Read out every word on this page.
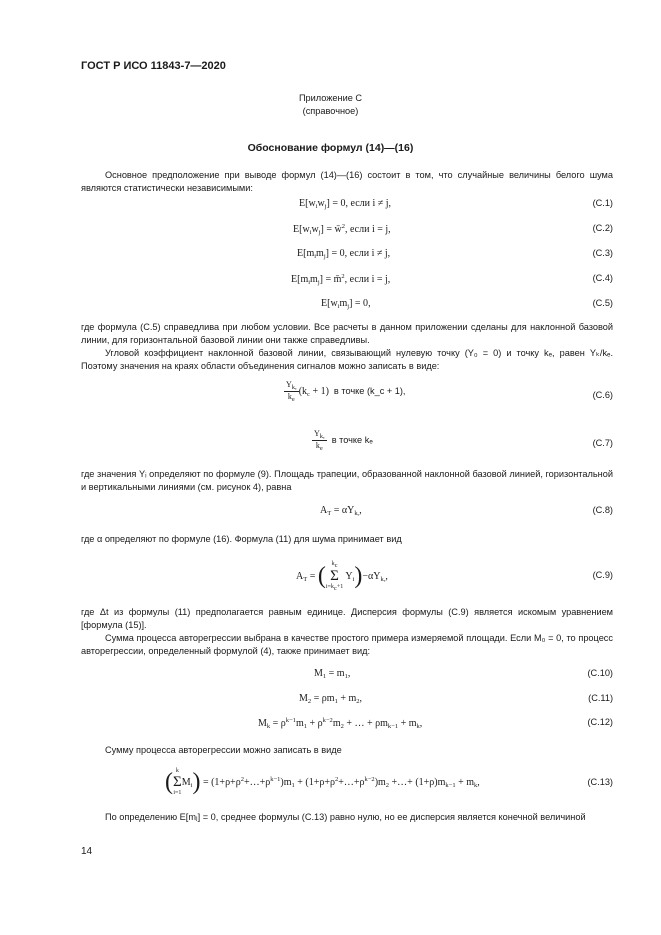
ГОСТ Р ИСО 11843-7—2020
Приложение С
(справочное)
Обоснование формул (14)—(16)
Основное предположение при выводе формул (14)—(16) состоит в том, что случайные величины белого шума являются статистически независимыми:
$E[w_iw_j] = 0$, если i ≠ j,	(C.1)
$E[w_iw_j]$ = w̄$^2$, если i = j,	(C.2)
$E[m_im_j] = 0$, если i ≠ j,	(C.3)
$E[m_im_j]$ = m̄$^2$, если i = j,	(C.4)
$E[w_im_j] = 0$,	(C.5)
где формула (С.5) справедлива при любом условии. Все расчеты в данном приложении сделаны для наклонной базовой линии, для горизонтальной базовой линии они также справедливы.
Угловой коэффициент наклонной базовой линии, связывающий нулевую точку (Y₀ = 0) и точку kₑ, равен Yₖ/kₑ. Поэтому значения на краях области объединения сигналов можно записать в виде:
$\frac{Y_{k_e}}{k_e} (k_c + 1)$  в точке (k_c + 1),	(C.6)
$\frac{Y_{k_e}}{k_e}$ в точке kₑ	(C.7)
где значения Yᵢ определяют по формуле (9). Площадь трапеции, образованной наклонной базовой линией, горизонтальной и вертикальными линиями (см. рисунок 4), равна
$A_T = \alpha Y_{k_e}$,	(C.8)
где α определяют по формуле (16). Формула (11) для шума принимает вид
$A_T$ = ( kc
Σ
i=kc+1 $Y_i)-\alpha Y_{k_e}$,	(C.9)
где Δt из формулы (11) предполагается равным единице. Дисперсия формулы (С.9) является искомым уравнением [формула (15)].
Сумма процесса авторегрессии выбрана в качестве простого примера измеряемой площади. Если M₀ = 0, то процесс авторегрессии, определенный формулой (4), также принимает вид:
$M_1 = m_1$,	(C.10)
$M_2 = \rho m_1 + m_2$,	(C.11)
$M_k = \rho^{k-1}m_1 + \rho^{k-2}m_2$ + … + $\rho m_{k-1} + m_k$,	(C.12)
Сумму процесса авторегрессии можно записать в виде
( k
Σ
$i=1M_i$) = $(1+\rho+\rho^2+\dots+\rho^{k-1})m_1$ + $(1+\rho+\rho^2+\dots+\rho^{k-2})m_2$ +…+ $(1+\rho)m_{k-1} + m_k$,	(C.13)
По определению E[mⱼ] = 0, среднее формулы (С.13) равно нулю, но ее дисперсия является конечной величиной
14
